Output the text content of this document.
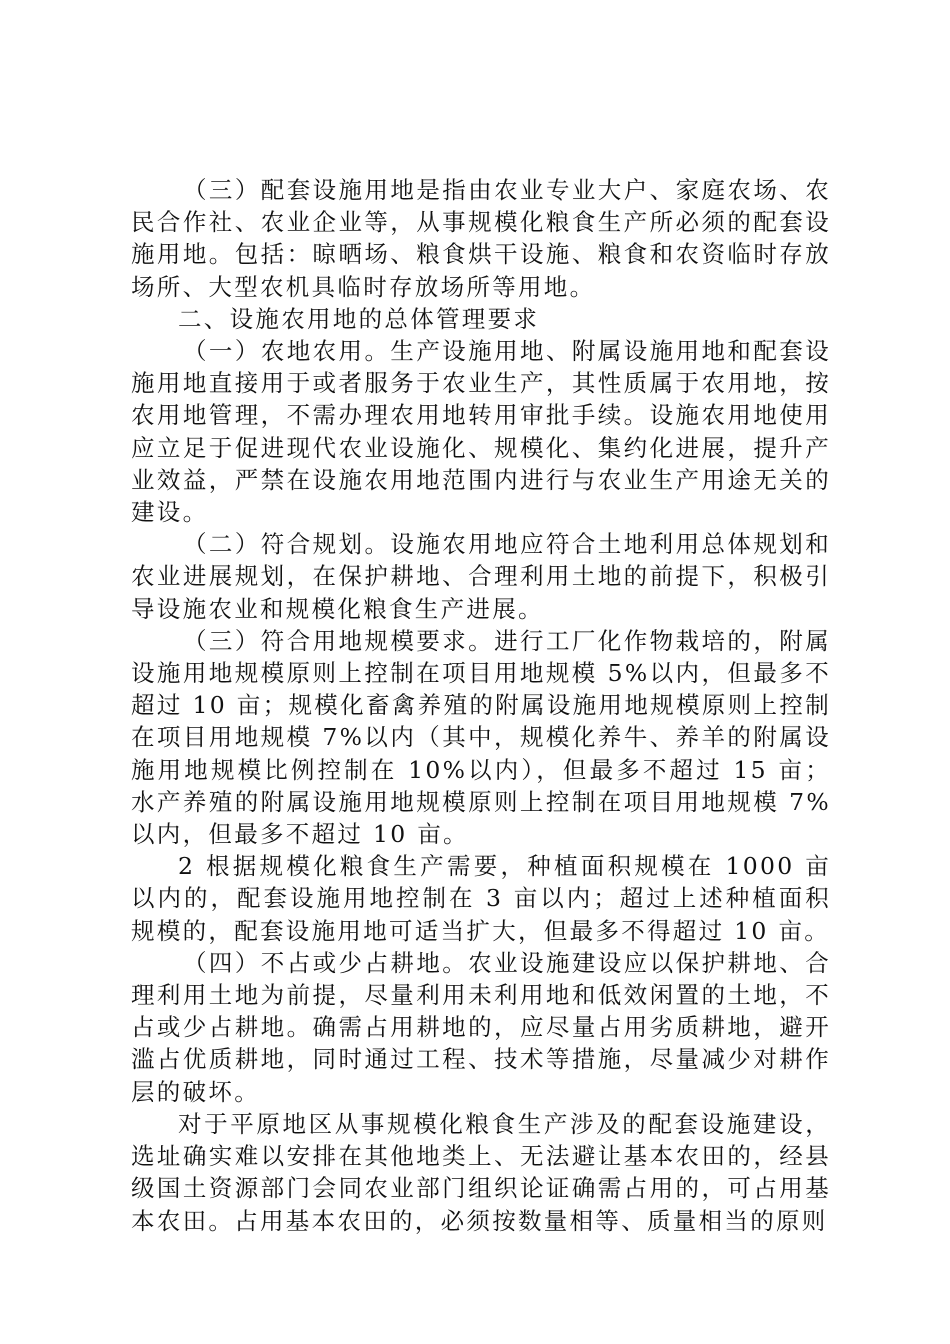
（三）配套设施用地是指由农业专业大户、家庭农场、农民合作社、农业企业等，从事规模化粮食生产所必须的配套设施用地。包括：晾晒场、粮食烘干设施、粮食和农资临时存放场所、大型农机具临时存放场所等用地。

二、设施农用地的总体管理要求

（一）农地农用。生产设施用地、附属设施用地和配套设施用地直接用于或者服务于农业生产，其性质属于农用地，按农用地管理，不需办理农用地转用审批手续。设施农用地使用应立足于促进现代农业设施化、规模化、集约化进展，提升产业效益，严禁在设施农用地范围内进行与农业生产用途无关的建设。

（二）符合规划。设施农用地应符合土地利用总体规划和农业进展规划，在保护耕地、合理利用土地的前提下，积极引导设施农业和规模化粮食生产进展。

（三）符合用地规模要求。进行工厂化作物栽培的，附属设施用地规模原则上控制在项目用地规模 5%以内，但最多不超过 10 亩；规模化畜禽养殖的附属设施用地规模原则上控制在项目用地规模 7%以内（其中，规模化养牛、养羊的附属设施用地规模比例控制在 10%以内），但最多不超过 15 亩；水产养殖的附属设施用地规模原则上控制在项目用地规模 7%以内，但最多不超过 10 亩。

2 根据规模化粮食生产需要，种植面积规模在 1000 亩以内的，配套设施用地控制在 3 亩以内；超过上述种植面积规模的，配套设施用地可适当扩大，但最多不得超过 10 亩。

（四）不占或少占耕地。农业设施建设应以保护耕地、合理利用土地为前提，尽量利用未利用地和低效闲置的土地，不占或少占耕地。确需占用耕地的，应尽量占用劣质耕地，避开滥占优质耕地，同时通过工程、技术等措施，尽量减少对耕作层的破坏。

对于平原地区从事规模化粮食生产涉及的配套设施建设，选址确实难以安排在其他地类上、无法避让基本农田的，经县级国土资源部门会同农业部门组织论证确需占用的，可占用基本农田。占用基本农田的，必须按数量相等、质量相当的原则
